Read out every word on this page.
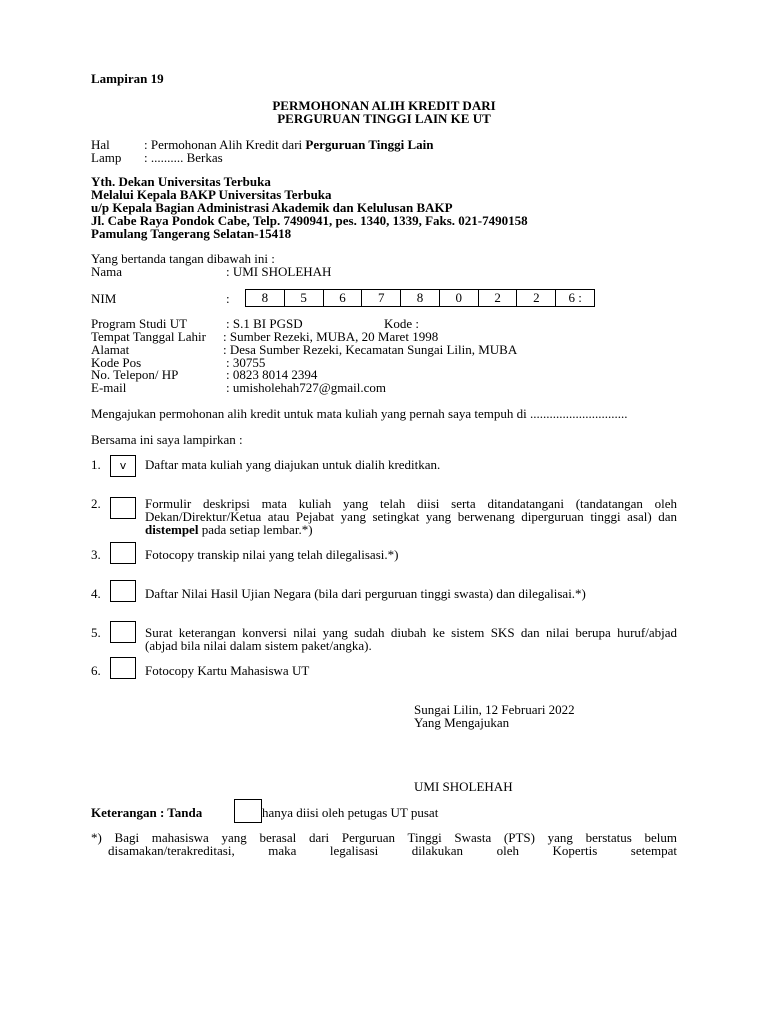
Lampiran 19
PERMOHONAN ALIH KREDIT DARI
PERGURUAN TINGGI LAIN KE UT
Hal	: Permohonan Alih Kredit dari Perguruan Tinggi Lain
Lamp : .......... Berkas
Yth. Dekan Universitas Terbuka
Melalui Kepala BAKP Universitas Terbuka
u/p Kepala Bagian Administrasi Akademik dan Kelulusan BAKP
Jl. Cabe Raya Pondok Cabe, Telp. 7490941, pes. 1340, 1339, Faks. 021-7490158
Pamulang Tangerang Selatan-15418
Yang bertanda tangan dibawah ini :
Nama	: UMI SHOLEHAH
NIM	:	8	5	6	7	8	0	2	2	6 :
Program Studi UT	: S.1 BI PGSD	Kode :
Tempat Tanggal Lahir : Sumber Rezeki, MUBA, 20 Maret 1998
Alamat	: Desa Sumber Rezeki, Kecamatan Sungai Lilin, MUBA
Kode Pos	: 30755
No. Telepon/ HP	: 0823 8014 2394
E-mail	: umisholehah727@gmail.com
Mengajukan permohonan alih kredit untuk mata kuliah yang pernah saya tempuh di ..............................
Bersama ini saya lampirkan :
1.	v	Daftar mata kuliah yang diajukan untuk dialih kreditkan.
2.	Formulir deskripsi mata kuliah yang telah diisi serta ditandatangani (tandatangan oleh
Dekan/Direktur/Ketua atau Pejabat yang setingkat yang berwenang diperguruan tinggi asal) dan
distempel pada setiap lembar.*)
3.	Fotocopy transkip nilai yang telah dilegalisasi.*)
4.	Daftar Nilai Hasil Ujian Negara (bila dari perguruan tinggi swasta) dan dilegalisai.*)
5.	Surat keterangan konversi nilai yang sudah diubah ke sistem SKS dan nilai berupa huruf/abjad
(abjad bila nilai dalam sistem paket/angka).
6.	Fotocopy Kartu Mahasiswa UT
Sungai Lilin, 12 Februari 2022
Yang Mengajukan
UMI SHOLEHAH
Keterangan : Tanda	hanya diisi oleh petugas UT pusat
*) Bagi mahasiswa yang berasal dari Perguruan Tinggi Swasta (PTS) yang berstatus belum
disamakan/terakreditasi, maka legalisasi dilakukan oleh Kopertis setempat
